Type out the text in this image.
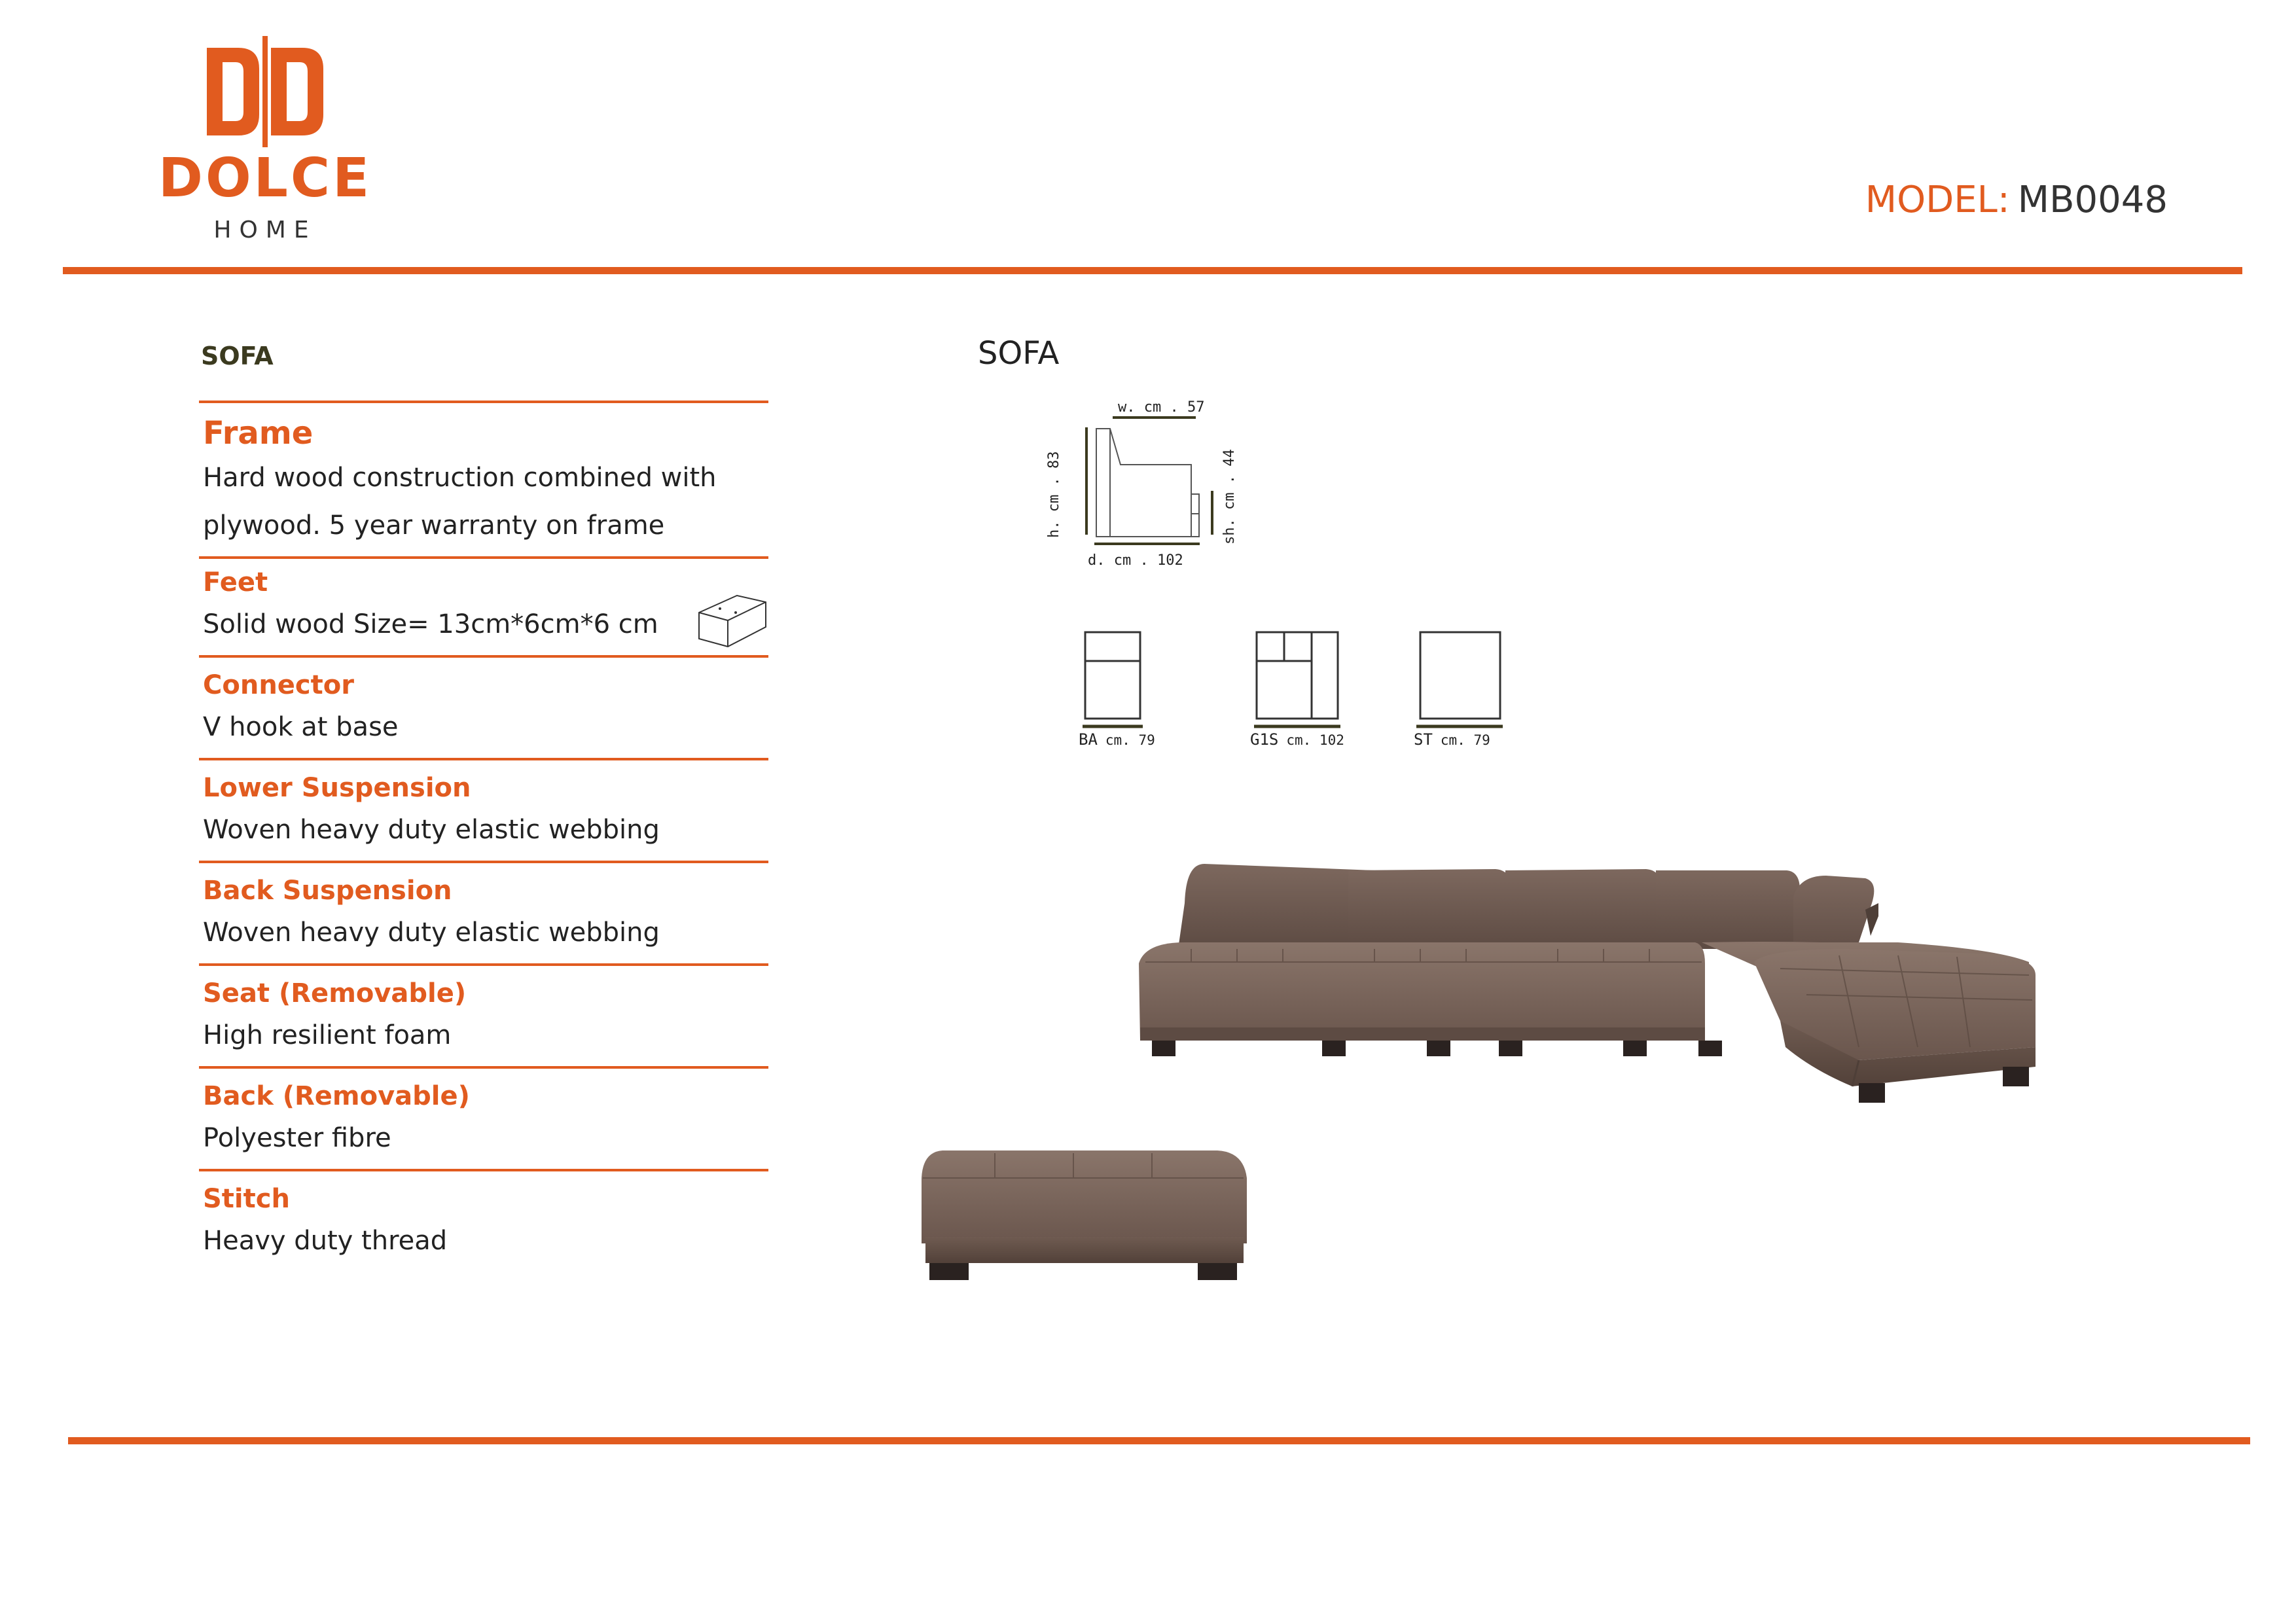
DOLCE
HOME
MODEL: MB0048
SOFA
Frame
Hard wood construction combined with
plywood. 5 year warranty on frame
Feet
Solid wood Size= 13cm*6cm*6 cm
Connector
V hook at base
Lower Suspension
Woven heavy duty elastic webbing
Back Suspension
Woven heavy duty elastic webbing
Seat (Removable)
High resilient foam
Back (Removable)
Polyester fibre
Stitch
Heavy duty thread
SOFA
w. cm . 57
h. cm . 83	sh. cm . 44
d. cm . 102
BA cm. 79	G1S cm. 102	ST cm. 79
